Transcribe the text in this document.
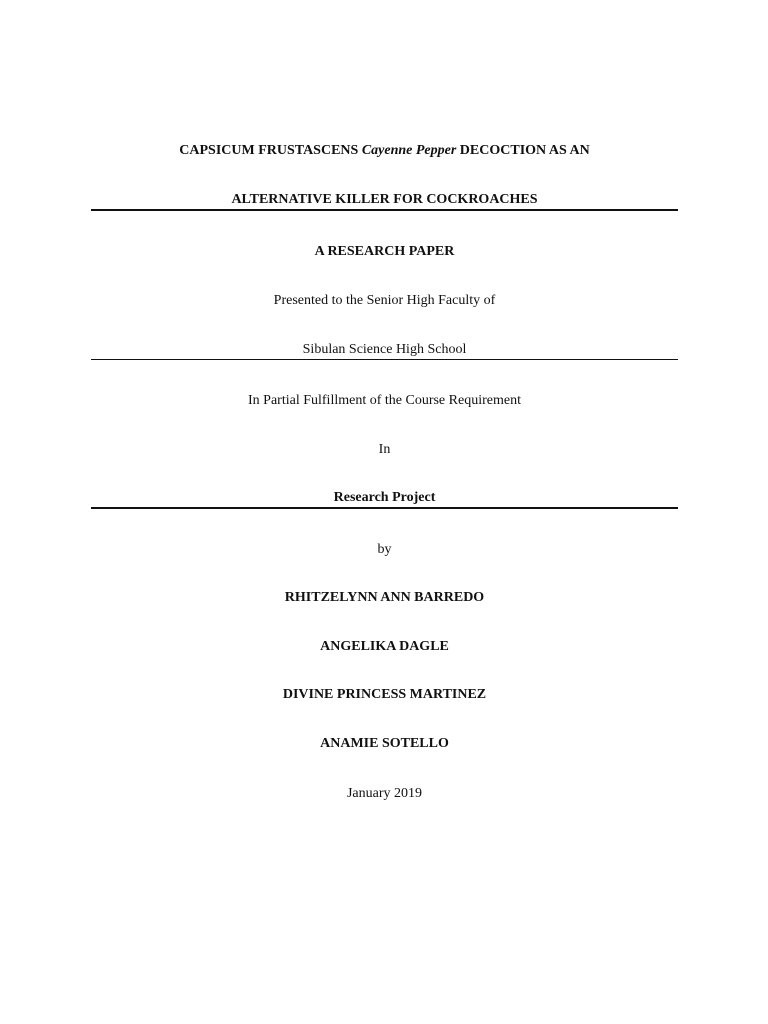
CAPSICUM FRUSTASCENS Cayenne Pepper DECOCTION AS AN
ALTERNATIVE KILLER FOR COCKROACHES
A RESEARCH PAPER
Presented to the Senior High Faculty of
Sibulan Science High School
In Partial Fulfillment of the Course Requirement
In
Research Project
by
RHITZELYNN ANN BARREDO
ANGELIKA DAGLE
DIVINE PRINCESS MARTINEZ
ANAMIE SOTELLO
January 2019
